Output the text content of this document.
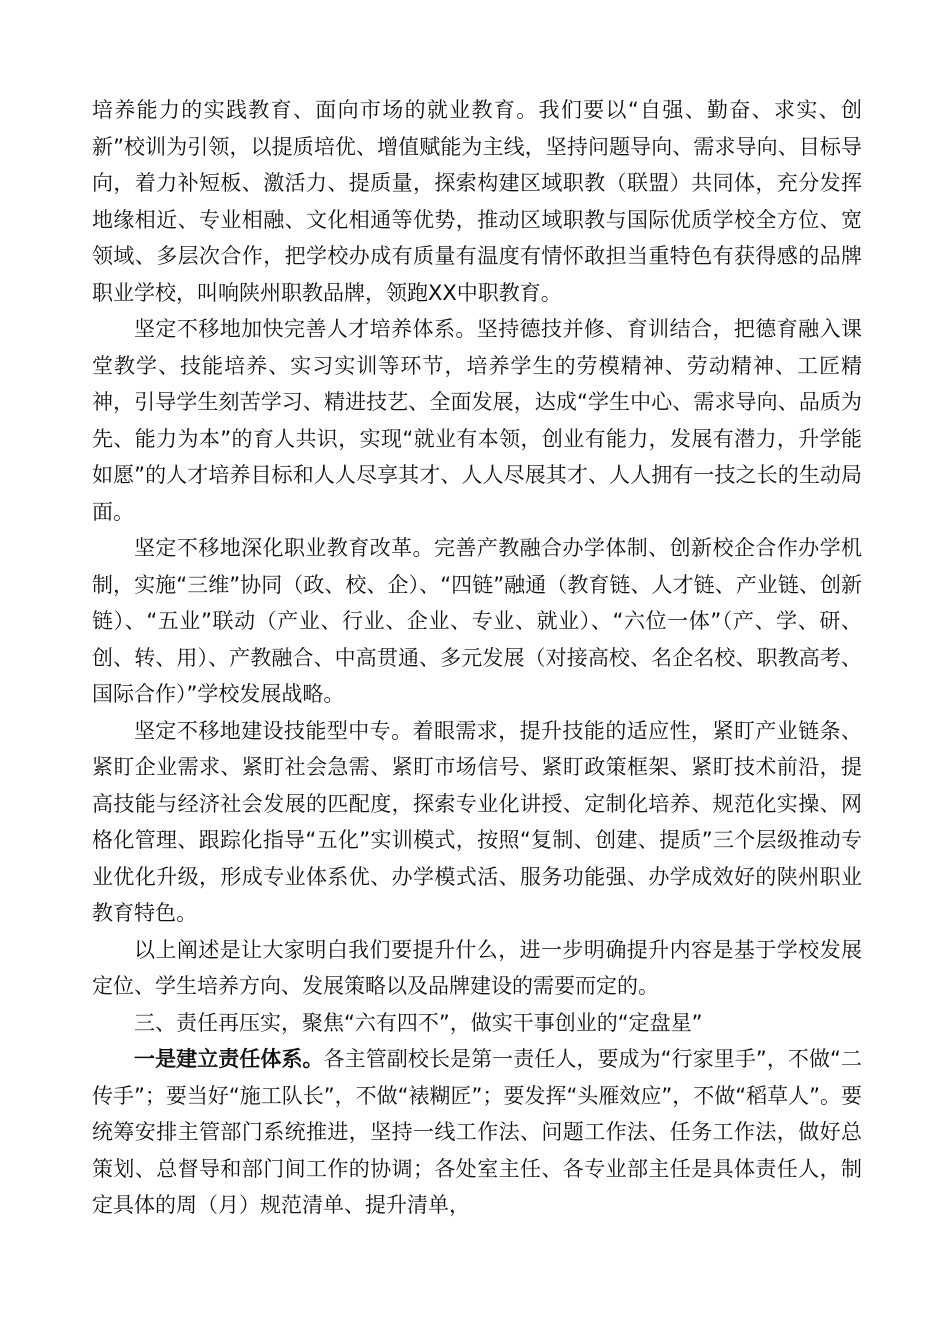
培养能力的实践教育、面向市场的就业教育。我们要以“自强、勤奋、求实、创新”校训为引领，以提质培优、增值赋能为主线，坚持问题导向、需求导向、目标导向，着力补短板、激活力、提质量，探索构建区域职教（联盟）共同体，充分发挥地缘相近、专业相融、文化相通等优势，推动区域职教与国际优质学校全方位、宽领域、多层次合作，把学校办成有质量有温度有情怀敢担当重特色有获得感的品牌职业学校，叫响陕州职教品牌，领跑XX中职教育。

坚定不移地加快完善人才培养体系。坚持德技并修、育训结合，把德育融入课堂教学、技能培养、实习实训等环节，培养学生的劳模精神、劳动精神、工匠精神，引导学生刻苦学习、精进技艺、全面发展，达成“学生中心、需求导向、品质为先、能力为本”的育人共识，实现“就业有本领，创业有能力，发展有潜力，升学能如愿”的人才培养目标和人人尽享其才、人人尽展其才、人人拥有一技之长的生动局面。

坚定不移地深化职业教育改革。完善产教融合办学体制、创新校企合作办学机制，实施“三维”协同（政、校、企）、“四链”融通（教育链、人才链、产业链、创新链）、“五业”联动（产业、行业、企业、专业、就业）、“六位一体”（产、学、研、创、转、用）、产教融合、中高贯通、多元发展（对接高校、名企名校、职教高考、国际合作）”学校发展战略。

坚定不移地建设技能型中专。着眼需求，提升技能的适应性，紧盯产业链条、紧盯企业需求、紧盯社会急需、紧盯市场信号、紧盯政策框架、紧盯技术前沿，提高技能与经济社会发展的匹配度，探索专业化讲授、定制化培养、规范化实操、网格化管理、跟踪化指导“五化”实训模式，按照“复制、创建、提质”三个层级推动专业优化升级，形成专业体系优、办学模式活、服务功能强、办学成效好的陕州职业教育特色。

以上阐述是让大家明白我们要提升什么，进一步明确提升内容是基于学校发展定位、学生培养方向、发展策略以及品牌建设的需要而定的。

三、责任再压实，聚焦“六有四不”，做实干事创业的“定盘星”

一是建立责任体系。各主管副校长是第一责任人，要成为“行家里手”，不做“二传手”；要当好“施工队长”，不做“裱糊匠”；要发挥“头雁效应”，不做“稻草人”。要统筹安排主管部门系统推进，坚持一线工作法、问题工作法、任务工作法，做好总策划、总督导和部门间工作的协调；各处室主任、各专业部主任是具体责任人，制定具体的周（月）规范清单、提升清单，
